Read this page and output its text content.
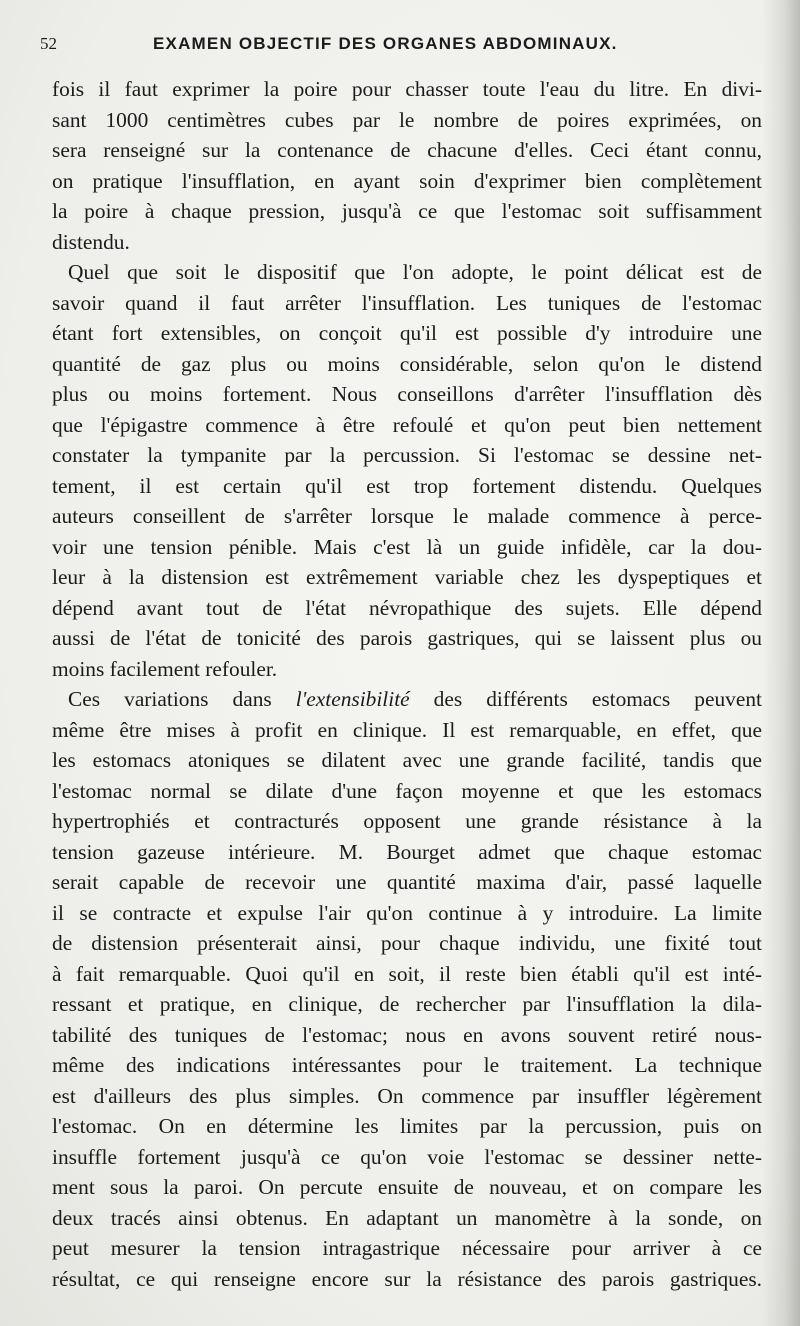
52	EXAMEN OBJECTIF DES ORGANES ABDOMINAUX.
fois il faut exprimer la poire pour chasser toute l'eau du litre. En divi-
sant 1000 centimètres cubes par le nombre de poires exprimées, on
sera renseigné sur la contenance de chacune d'elles. Ceci étant connu,
on pratique l'insufflation, en ayant soin d'exprimer bien complètement
la poire à chaque pression, jusqu'à ce que l'estomac soit suffisamment
distendu.
Quel que soit le dispositif que l'on adopte, le point délicat est de
savoir quand il faut arrêter l'insufflation. Les tuniques de l'estomac
étant fort extensibles, on conçoit qu'il est possible d'y introduire une
quantité de gaz plus ou moins considérable, selon qu'on le distend
plus ou moins fortement. Nous conseillons d'arrêter l'insufflation dès
que l'épigastre commence à être refoulé et qu'on peut bien nettement
constater la tympanite par la percussion. Si l'estomac se dessine net-
tement, il est certain qu'il est trop fortement distendu. Quelques
auteurs conseillent de s'arrêter lorsque le malade commence à perce-
voir une tension pénible. Mais c'est là un guide infidèle, car la dou-
leur à la distension est extrêmement variable chez les dyspeptiques et
dépend avant tout de l'état névropathique des sujets. Elle dépend
aussi de l'état de tonicité des parois gastriques, qui se laissent plus ou
moins facilement refouler.
Ces variations dans l'extensibilité des différents estomacs peuvent
même être mises à profit en clinique. Il est remarquable, en effet, que
les estomacs atoniques se dilatent avec une grande facilité, tandis que
l'estomac normal se dilate d'une façon moyenne et que les estomacs
hypertrophiés et contracturés opposent une grande résistance à la
tension gazeuse intérieure. M. Bourget admet que chaque estomac
serait capable de recevoir une quantité maxima d'air, passé laquelle
il se contracte et expulse l'air qu'on continue à y introduire. La limite
de distension présenterait ainsi, pour chaque individu, une fixité tout
à fait remarquable. Quoi qu'il en soit, il reste bien établi qu'il est inté-
ressant et pratique, en clinique, de rechercher par l'insufflation la dila-
tabilité des tuniques de l'estomac; nous en avons souvent retiré nous-
même des indications intéressantes pour le traitement. La technique
est d'ailleurs des plus simples. On commence par insuffler légèrement
l'estomac. On en détermine les limites par la percussion, puis on
insuffle fortement jusqu'à ce qu'on voie l'estomac se dessiner nette-
ment sous la paroi. On percute ensuite de nouveau, et on compare les
deux tracés ainsi obtenus. En adaptant un manomètre à la sonde, on
peut mesurer la tension intragastrique nécessaire pour arriver à ce
résultat, ce qui renseigne encore sur la résistance des parois gastriques.
